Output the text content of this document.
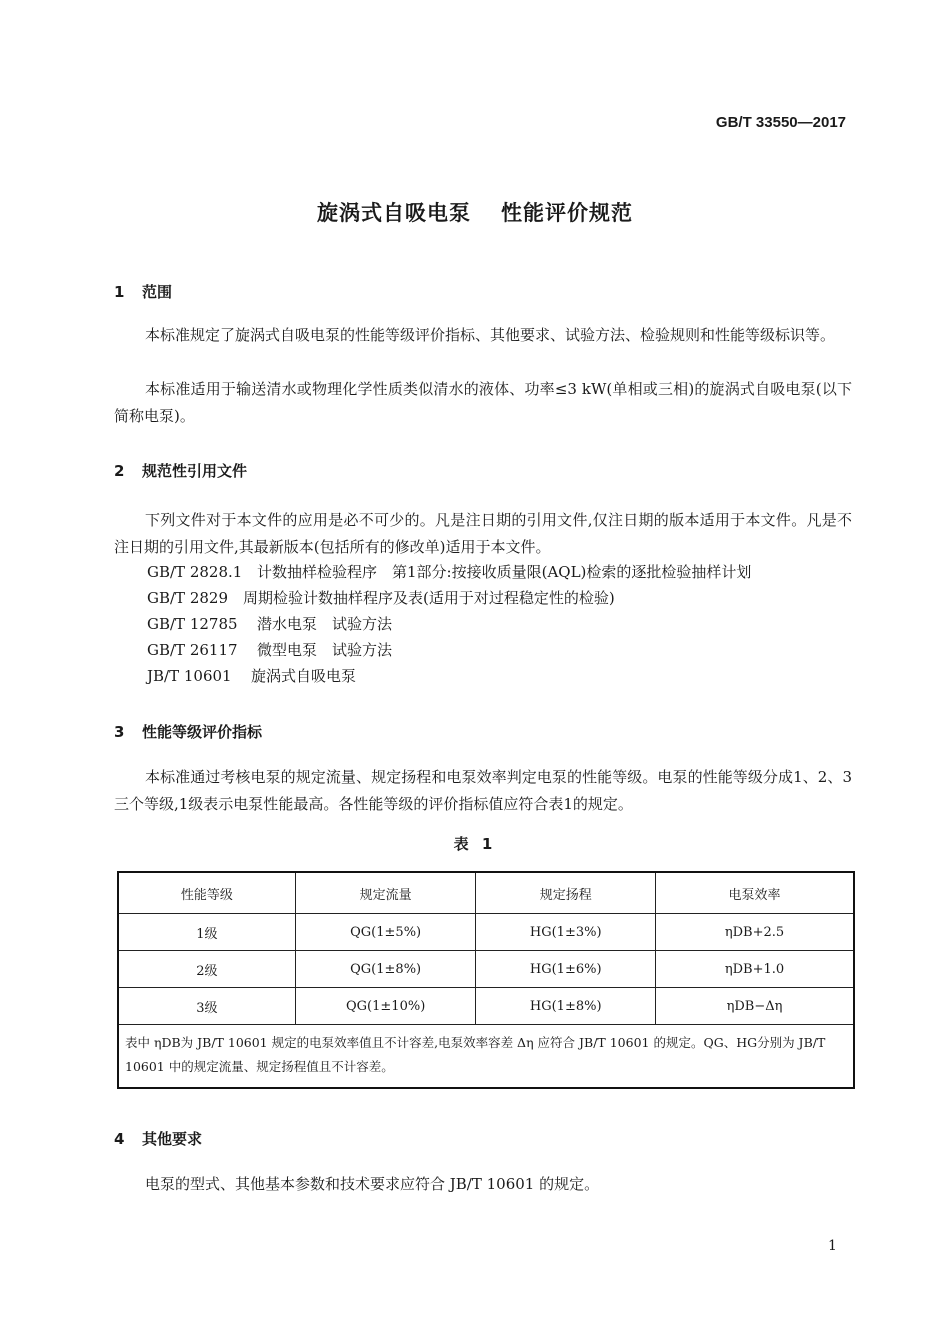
GB/T 33550—2017
旋涡式自吸电泵 性能评价规范
1 范围
本标准规定了旋涡式自吸电泵的性能等级评价指标、其他要求、试验方法、检验规则和性能等级标识等。
本标准适用于输送清水或物理化学性质类似清水的液体、功率≤3 kW(单相或三相)的旋涡式自吸电泵(以下简称电泵)。
2 规范性引用文件
下列文件对于本文件的应用是必不可少的。凡是注日期的引用文件,仅注日期的版本适用于本文件。凡是不注日期的引用文件,其最新版本(包括所有的修改单)适用于本文件。
GB/T 2828.1 计数抽样检验程序　第1部分:按接收质量限(AQL)检索的逐批检验抽样计划
GB/T 2829 周期检验计数抽样程序及表(适用于对过程稳定性的检验)
GB/T 12785 潜水电泵　试验方法
GB/T 26117 微型电泵　试验方法
JB/T 10601 旋涡式自吸电泵
3 性能等级评价指标
本标准通过考核电泵的规定流量、规定扬程和电泵效率判定电泵的性能等级。电泵的性能等级分成1、2、3三个等级,1级表示电泵性能最高。各性能等级的评价指标值应符合表1的规定。
表 1
性能等级	规定流量	规定扬程	电泵效率
1级	QG(1±5%)	HG(1±3%)	ηDB+2.5
2级	QG(1±8%)	HG(1±6%)	ηDB+1.0
3级	QG(1±10%)	HG(1±8%)	ηDB−Δη
表中 ηDB为 JB/T 10601 规定的电泵效率值且不计容差,电泵效率容差 Δη 应符合 JB/T 10601 的规定。QG、HG分别为 JB/T 10601 中的规定流量、规定扬程值且不计容差。			
4 其他要求
电泵的型式、其他基本参数和技术要求应符合 JB/T 10601 的规定。
1
